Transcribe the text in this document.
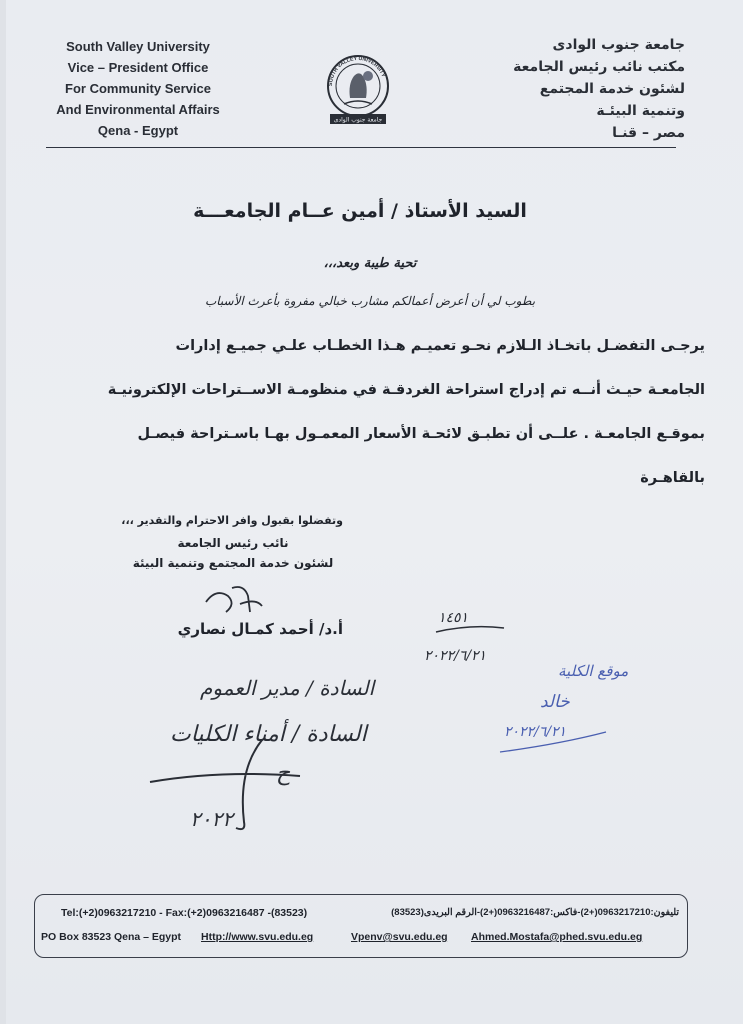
South Valley University
Vice – President Office
For Community Service
And Environmental Affairs
Qena - Egypt
جامعة جنوب الوادى
مكتب نائب رئيس الجامعة
لشئون خدمة المجتمع
وتنمية البيئـة
مصر – قنـا
SOUTH VALLEY UNIVERSITY
جامعة جنوب الوادى
السيد الأستاذ / أمين عــام الجامعـــة
تحية طيبة وبعد،،،
بطوب لي أن أعرض أعمالكم مشارب خبالي مفروة بأعرث الأسباب
يرجـى التفضـل باتخـاذ الـلازم نحـو تعميـم هـذا الخطـاب علـي جميـع إدارات
الجامعـة حيـث أنــه تم إدراج استراحة الغردقـة في منظومـة الاســتراحات الإلكترونيـة
بموقـع الجامعـة . علــى أن تطبـق لائحـة الأسعار المعمـول بهـا باسـتراحة فيصـل
بالقاهـرة
وتفضلوا بقبول وافر الاحترام والتقدير ،،،
نائب رئيس الجامعة
لشئون خدمة المجتمع وتنمية البيئة
أ.د/ أحمد كمـال نصاري
ح
٢٠٢٢
١٤٥١
٢٠٢٢/٦/٢١
السادة / مدير العموم
السادة / أمناء الكليات
موقع الكلية
خالد
٢٠٢٢/٦/٢١
Tel:(+2)0963217210 - Fax:(+2)0963216487 -(83523)	تليفون:0963217210(+2)-فاكس:0963216487(+2)-الرقم البريدى(83523)
PO Box 83523 Qena – Egypt Http://www.svu.edu.eg	Vpenv@svu.edu.eg Ahmed.Mostafa@phed.svu.edu.eg
